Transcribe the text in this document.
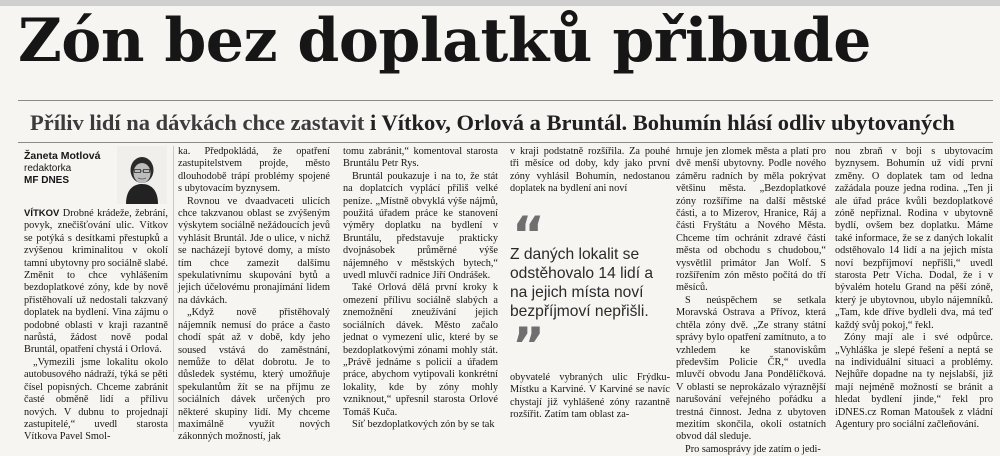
Zón bez doplatků přibude
Příliv lidí na dávkách chce zastavit i Vítkov, Orlová a Bruntál. Bohumín hlásí odliv ubytovaných
Žaneta Motlová
redaktorka
MF DNES

VÍTKOV Drobné krádeže, žebrání, povyk, znečišťování ulic. Vítkov se potýká s desítkami přestupků a zvýšenou kriminalitou v okolí tamní ubytovny pro sociálně slabé. Změnit to chce vyhlášením bezdoplatkové zóny, kde by nově přistěhovalí už nedostali takzvaný doplatek na bydlení. Vina zájmu o podobné oblasti v kraji razantně narůstá, žádost nově podal Bruntál, opatření chystá i Orlová.

„Vymezili jsme lokalitu okolo autobusového nádraží, týká se pěti čísel popisných. Chceme zabránit časté obměně lidí a přílivu nových. V dubnu to projednají zastupitelé,“ uvedl starosta Vítkova Pavel Smol-

ka. Předpokládá, že opatření zastupitelstvem projde, město dlouhodobě trápí problémy spojené s ubytovacím byznysem.

Rovnou ve dvaadvaceti ulicích chce takzvanou oblast se zvýšeným výskytem sociálně nežádoucích jevů vyhlásit Bruntál. Jde o ulice, v nichž se nacházejí bytové domy, a místo tím chce zamezit dalšímu spekulativnímu skupování bytů a jejich účelovému pronajímání lidem na dávkách.

„Když nově přistěhovalý nájemník nemusí do práce a často chodí spát až v době, kdy jeho soused vstává do zaměstnání, nemůže to dělat dobrotu. Je to důsledek systému, který umožňuje spekulantům žít se na příjmu ze sociálních dávek určených pro některé skupiny lidí. My chceme maximálně využít nových zákonných možností, jak

tomu zabránit,“ komentoval starosta Bruntálu Petr Rys.

Bruntál poukazuje i na to, že stát na doplatcích vyplácí příliš velké peníze. „Místně obvyklá výše nájmů, použitá úřadem práce ke stanovení výměry doplatku na bydlení v Bruntálu, představuje prakticky dvojnásobek průměrné výše nájemného v městských bytech,“ uvedl mluvčí radnice Jiří Ondrášek.

Také Orlová dělá první kroky k omezení přílivu sociálně slabých a znemožnění zneužívání jejich sociálních dávek. Město začalo jednat o vymezení ulic, které by se bezdoplatkovými zónami mohly stát. „Právě jednáme s policií a úřadem práce, abychom vytipovali konkrétní lokality, kde by zóny mohly vzniknout,“ upřesnil starosta Orlové Tomáš Kuča.

Síť bezdoplatkových zón by se tak

v kraji podstatně rozšířila. Za pouhé tři měsíce od doby, kdy jako první zóny vyhlásil Bohumín, nedostanou doplatek na bydlení ani noví

“
Z daných lokalit se odstěhovalo 14 lidí a na jejich místa noví bezpříjmoví nepřišli.
”

obyvatelé vybraných ulic Frýdku-Místku a Karviné. V Karviné se navíc chystají již vyhlášené zóny razantně rozšířit. Zatím tam oblast za-

hrnuje jen zlomek města a platí pro dvě menší ubytovny. Podle nového záměru radních by měla pokrývat většinu města. „Bezdoplatkové zóny rozšíříme na další městské části, a to Mizerov, Hranice, Ráj a části Fryštátu a Nového Města. Chceme tím ochránit zdravé části města od obchodu s chudobou,“ vysvětlil primátor Jan Wolf. S rozšířením zón město počítá do tří měsíců.

S neúspěchem se setkala Moravská Ostrava a Přívoz, která chtěla zóny dvě. „Ze strany státní správy bylo opatření zamítnuto, a to vzhledem ke stanoviskům především Policie ČR,“ uvedla mluvčí obvodu Jana Pondělíčková. V oblasti se neprokázalo výraznější narušování veřejného pořádku a trestná činnost. Jedna z ubytoven mezitím skončila, okolí ostatních obvod dál sleduje.

Pro samosprávy jde zatím o jedi-

nou zbraň v boji s ubytovacím byznysem. Bohumín už vidí první změny. O doplatek tam od ledna zažádala pouze jedna rodina. „Ten ji ale úřad práce kvůli bezdoplatkové zóně nepřiznal. Rodina v ubytovně bydlí, ovšem bez doplatku. Máme také informace, že se z daných lokalit odstěhovalo 14 lidí a na jejich místa noví bezpříjmoví nepřišli,“ uvedl starosta Petr Vícha. Dodal, že i v bývalém hotelu Grand na pěší zóně, který je ubytovnou, ubylo nájemníků. „Tam, kde dříve bydleli dva, má teď každý svůj pokoj,“ řekl.

Zóny mají ale i své odpůrce. „Vyhláška je slepé řešení a neptá se na individuální situaci a problémy. Nejhůře dopadne na ty nejslabší, již mají nejméně možností se bránit a hledat bydlení jinde,“ řekl pro iDNES.cz Roman Matoušek z vládní Agentury pro sociální začleňování.
